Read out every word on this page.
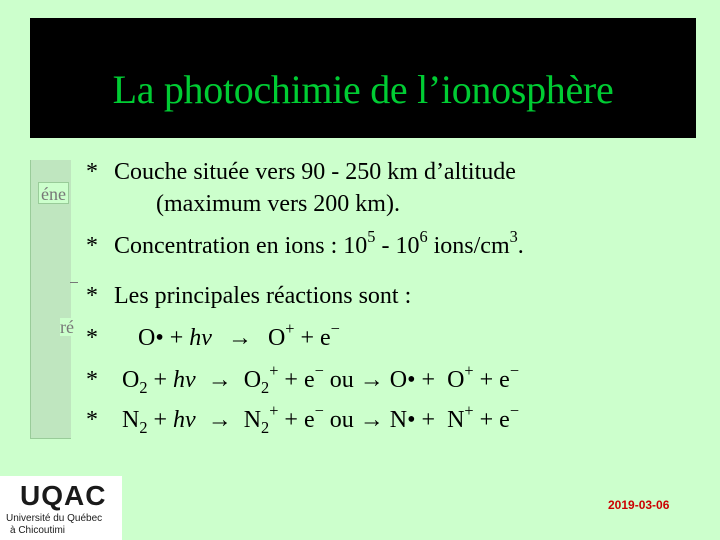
La photochimie de l’ionosphère
éne
ré
* Couche située vers 90 - 250 km d’altitude
(maximum vers 200 km).
* Concentration en ions : $10^5 - 10^6$ ions/$cm^3$.
* Les principales réactions sont :
* O• + hν → O+ + e−
* $O_2 + h\nu \to O_2^+ + e^-$ ou → O• + O+ + e−
* $N_2 + h\nu \to N_2^+ + e^-$ ou → N• + N+ + e−
UQAC
Université du Québec
à Chicoutimi
2019-03-06
